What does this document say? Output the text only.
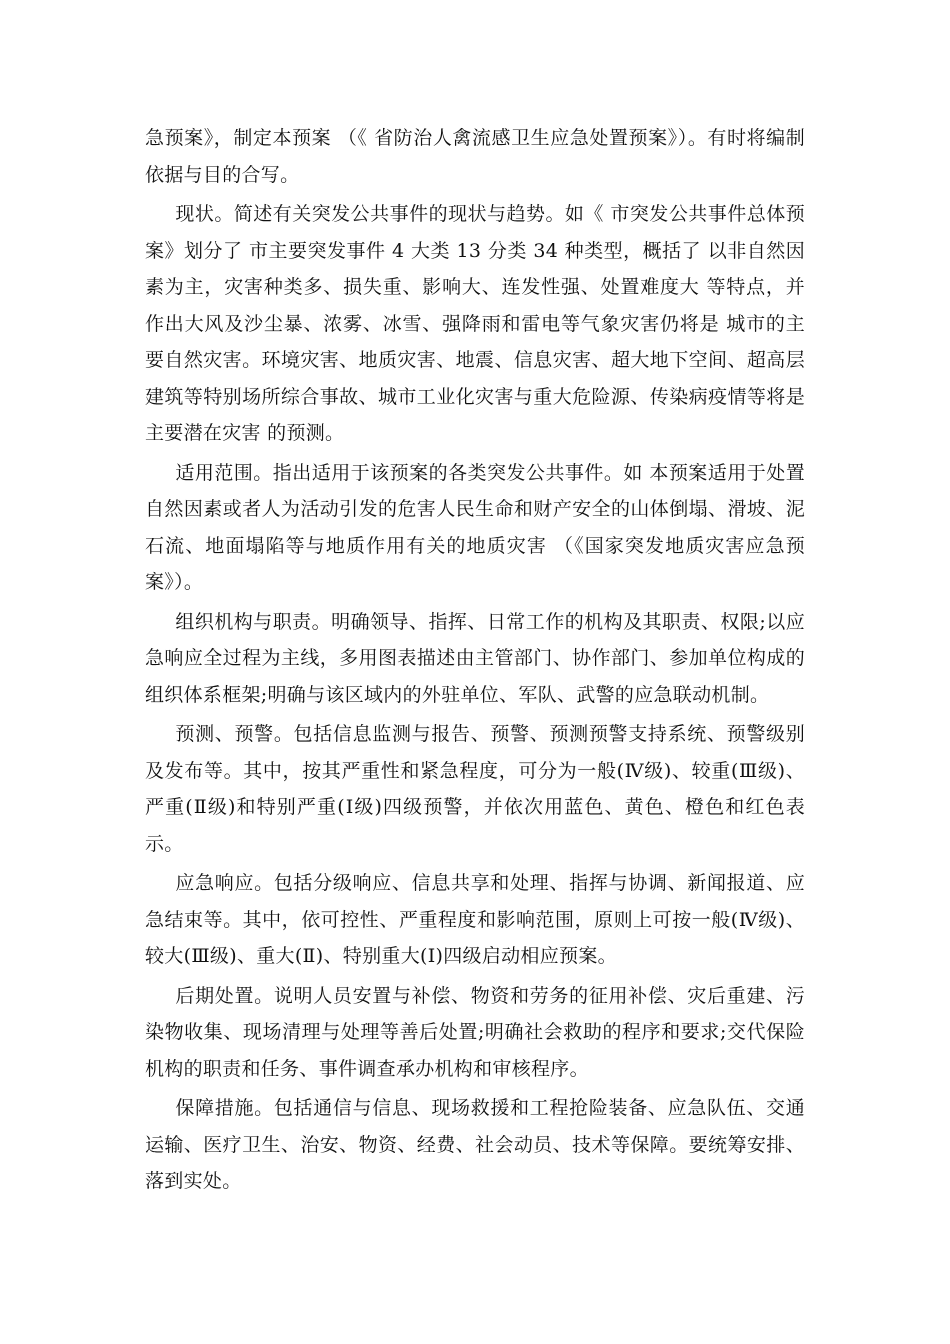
急预案》，制定本预案 （《 省防治人禽流感卫生应急处置预案》）。有时将编制依据与目的合写。

现状。简述有关突发公共事件的现状与趋势。如《 市突发公共事件总体预案》划分了 市主要突发事件 4 大类 13 分类 34 种类型，概括了 以非自然因素为主，灾害种类多、损失重、影响大、连发性强、处置难度大 等特点，并作出大风及沙尘暴、浓雾、冰雪、强降雨和雷电等气象灾害仍将是 城市的主要自然灾害。环境灾害、地质灾害、地震、信息灾害、超大地下空间、超高层建筑等特别场所综合事故、城市工业化灾害与重大危险源、传染病疫情等将是主要潜在灾害 的预测。

适用范围。指出适用于该预案的各类突发公共事件。如 本预案适用于处置自然因素或者人为活动引发的危害人民生命和财产安全的山体倒塌、滑坡、泥石流、地面塌陷等与地质作用有关的地质灾害 （《国家突发地质灾害应急预案》）。

组织机构与职责。明确领导、指挥、日常工作的机构及其职责、权限;以应急响应全过程为主线，多用图表描述由主管部门、协作部门、参加单位构成的组织体系框架;明确与该区域内的外驻单位、军队、武警的应急联动机制。

预测、预警。包括信息监测与报告、预警、预测预警支持系统、预警级别及发布等。其中，按其严重性和紧急程度，可分为一般(Ⅳ级)、较重(Ⅲ级)、严重(Ⅱ级)和特别严重(Ⅰ级)四级预警，并依次用蓝色、黄色、橙色和红色表示。

应急响应。包括分级响应、信息共享和处理、指挥与协调、新闻报道、应急结束等。其中，依可控性、严重程度和影响范围，原则上可按一般(Ⅳ级)、较大(Ⅲ级)、重大(Ⅱ)、特别重大(Ⅰ)四级启动相应预案。

后期处置。说明人员安置与补偿、物资和劳务的征用补偿、灾后重建、污染物收集、现场清理与处理等善后处置;明确社会救助的程序和要求;交代保险机构的职责和任务、事件调查承办机构和审核程序。

保障措施。包括通信与信息、现场救援和工程抢险装备、应急队伍、交通运输、医疗卫生、治安、物资、经费、社会动员、技术等保障。要统筹安排、落到实处。
